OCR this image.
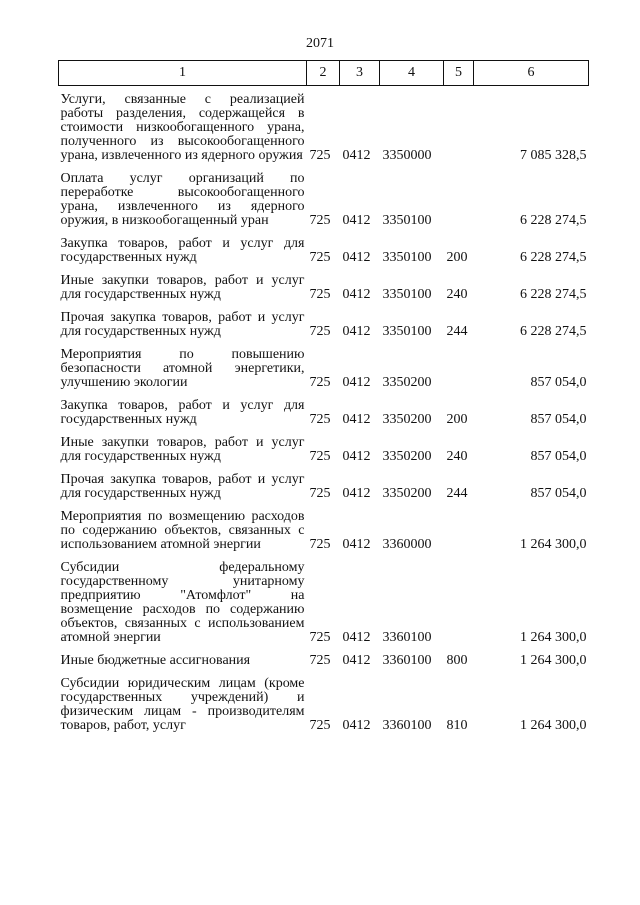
2071
1	2	3	4	5	6
Услуги, связанные с реализацией работы разделения, содержащейся в стоимости низкообогащенного урана, полученного из высокообогащенного урана, извлеченного из ядерного оружия	725	0412	3350000		7 085 328,5
Оплата услуг организаций по переработке высокообогащенного урана, извлеченного из ядерного оружия, в низкообогащенный уран	725	0412	3350100		6 228 274,5
Закупка товаров, работ и услуг для государственных нужд	725	0412	3350100	200	6 228 274,5
Иные закупки товаров, работ и услуг для государственных нужд	725	0412	3350100	240	6 228 274,5
Прочая закупка товаров, работ и услуг для государственных нужд	725	0412	3350100	244	6 228 274,5
Мероприятия по повышению безопасности атомной энергетики, улучшению экологии	725	0412	3350200		857 054,0
Закупка товаров, работ и услуг для государственных нужд	725	0412	3350200	200	857 054,0
Иные закупки товаров, работ и услуг для государственных нужд	725	0412	3350200	240	857 054,0
Прочая закупка товаров, работ и услуг для государственных нужд	725	0412	3350200	244	857 054,0
Мероприятия по возмещению расходов по содержанию объектов, связанных с использованием атомной энергии	725	0412	3360000		1 264 300,0
Субсидии федеральному государственному унитарному предприятию "Атомфлот" на возмещение расходов по содержанию объектов, связанных с использованием атомной энергии	725	0412	3360100		1 264 300,0
Иные бюджетные ассигнования	725	0412	3360100	800	1 264 300,0
Субсидии юридическим лицам (кроме государственных учреждений) и физическим лицам - производителям товаров, работ, услуг	725	0412	3360100	810	1 264 300,0
